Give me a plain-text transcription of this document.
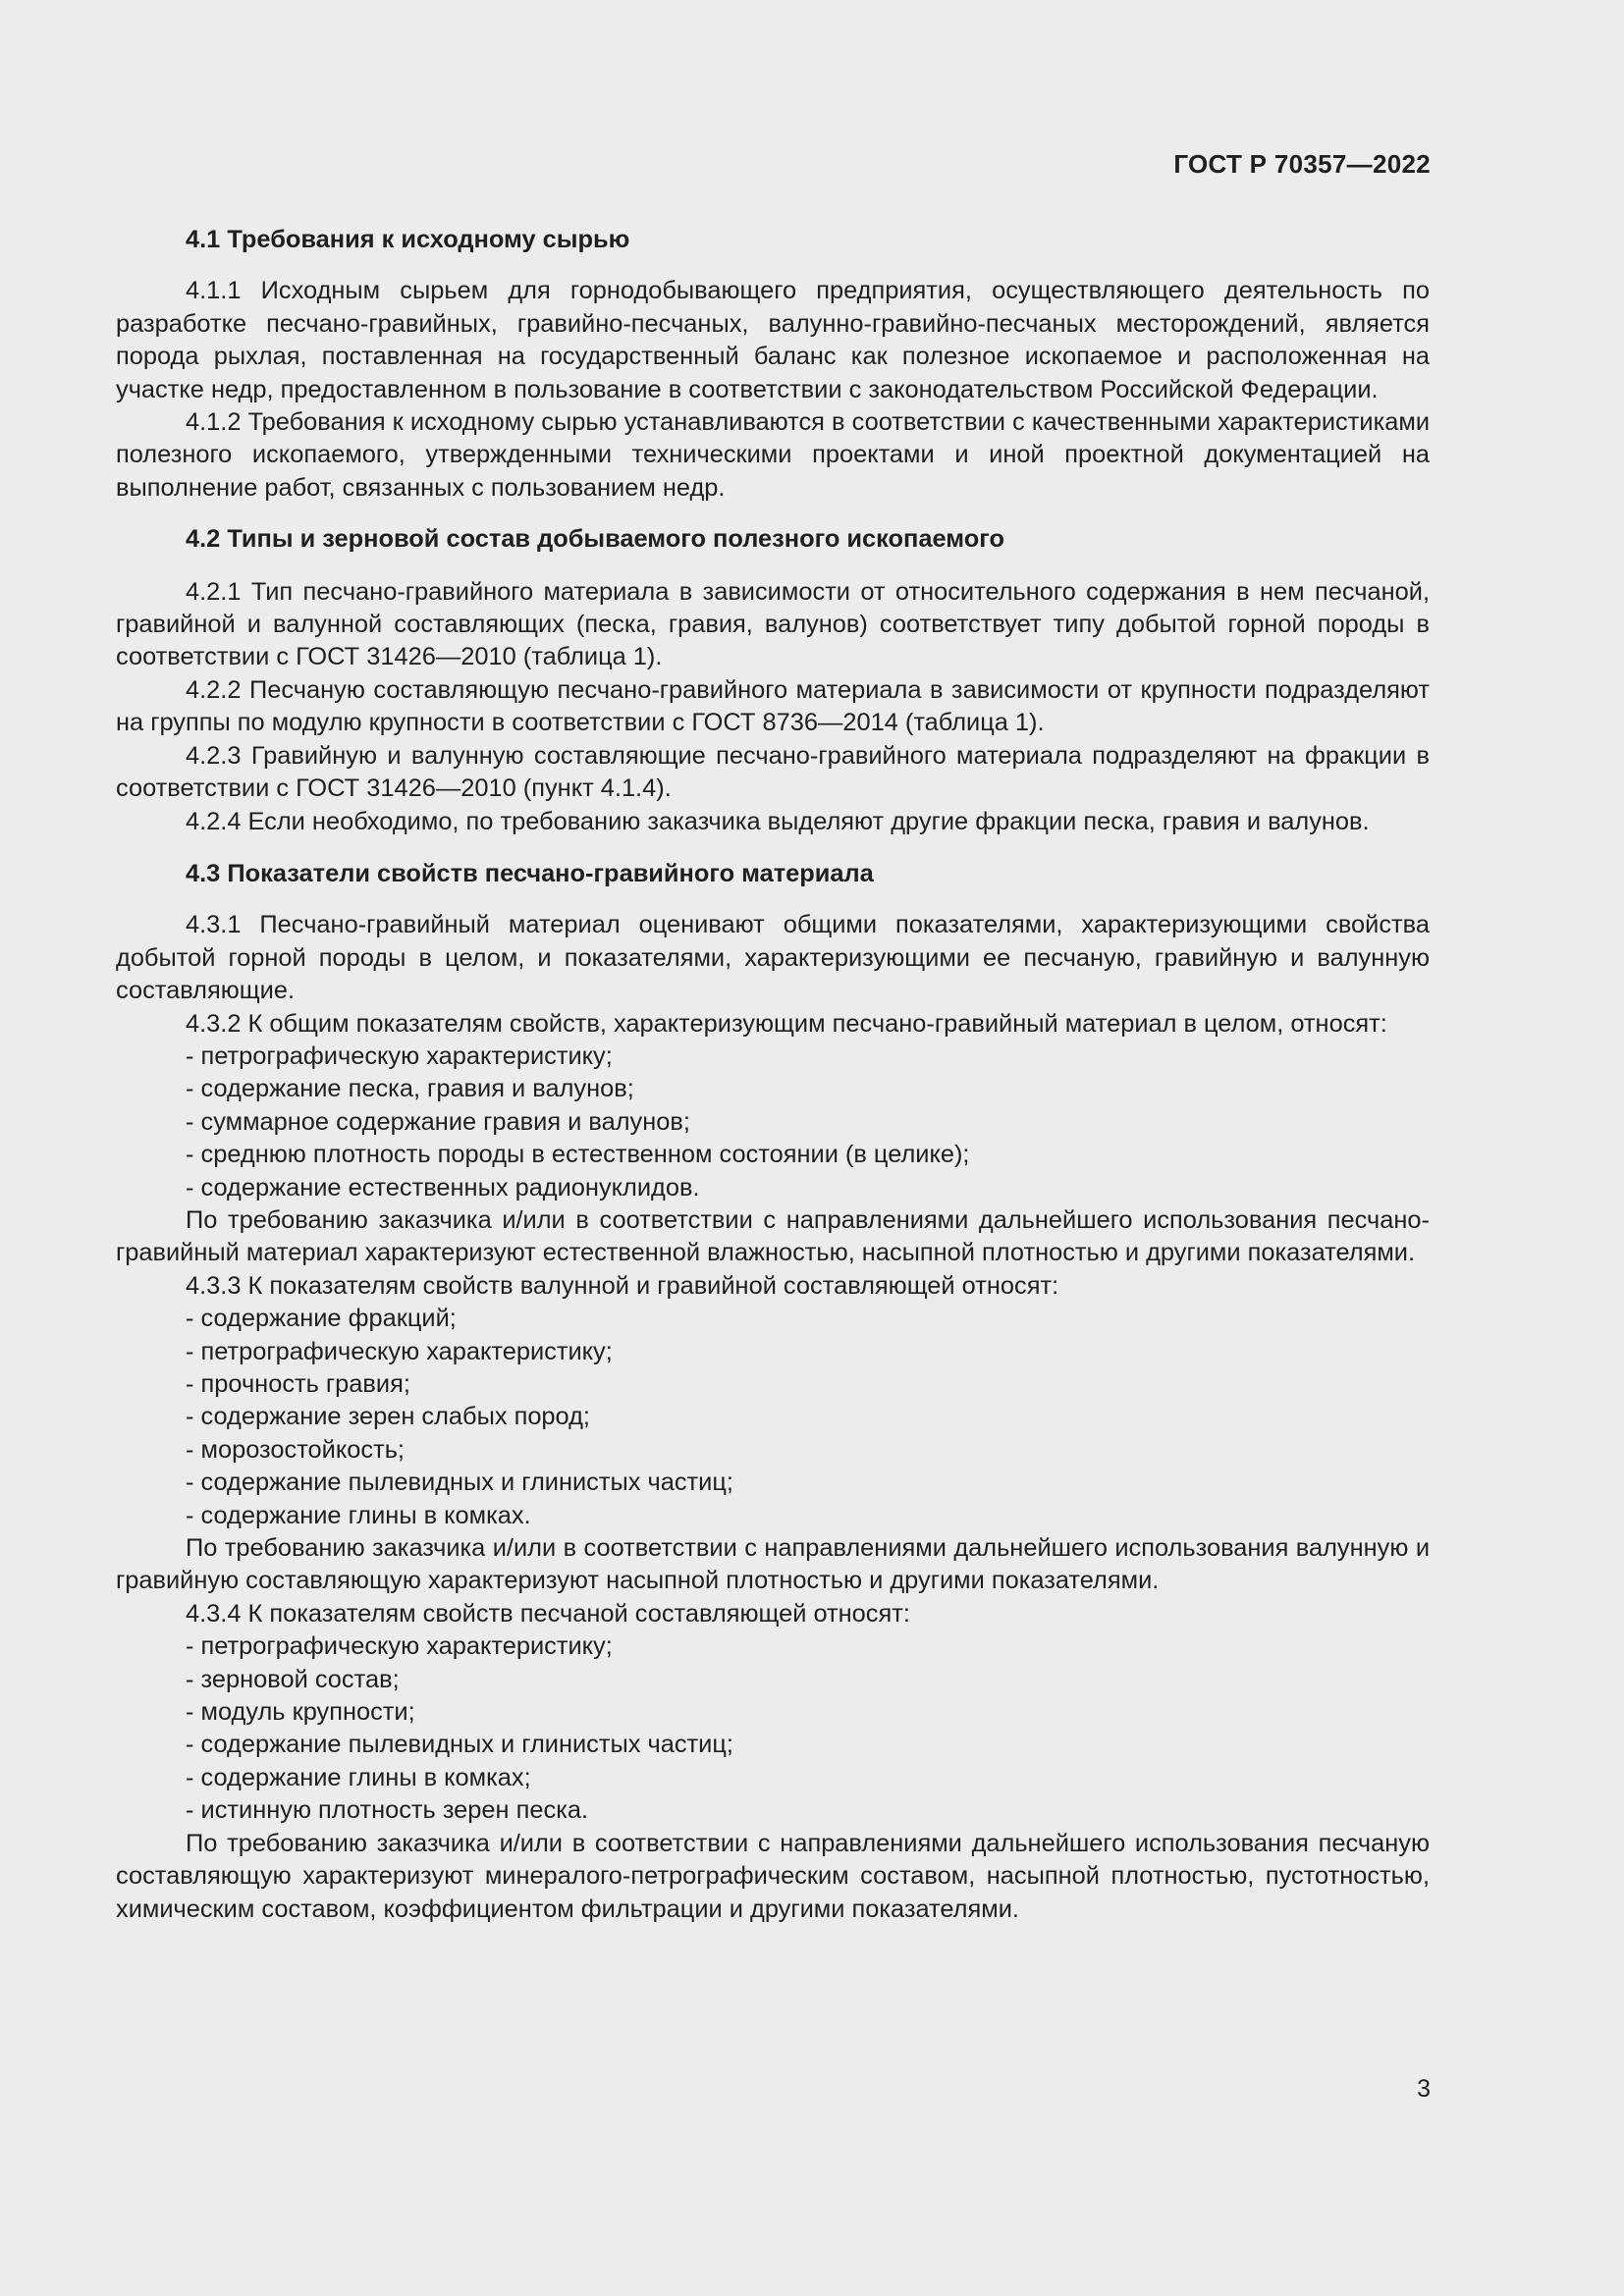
ГОСТ Р 70357—2022

4.1 Требования к исходному сырью

4.1.1 Исходным сырьем для горнодобывающего предприятия, осуществляющего деятельность по разработке песчано-гравийных, гравийно-песчаных, валунно-гравийно-песчаных месторождений, является порода рыхлая, поставленная на государственный баланс как полезное ископаемое и расположенная на участке недр, предоставленном в пользование в соответствии с законодательством Российской Федерации.

4.1.2 Требования к исходному сырью устанавливаются в соответствии с качественными характеристиками полезного ископаемого, утвержденными техническими проектами и иной проектной документацией на выполнение работ, связанных с пользованием недр.

4.2 Типы и зерновой состав добываемого полезного ископаемого

4.2.1 Тип песчано-гравийного материала в зависимости от относительного содержания в нем песчаной, гравийной и валунной составляющих (песка, гравия, валунов) соответствует типу добытой горной породы в соответствии с ГОСТ 31426—2010 (таблица 1).

4.2.2 Песчаную составляющую песчано-гравийного материала в зависимости от крупности подразделяют на группы по модулю крупности в соответствии с ГОСТ 8736—2014 (таблица 1).

4.2.3 Гравийную и валунную составляющие песчано-гравийного материала подразделяют на фракции в соответствии с ГОСТ 31426—2010 (пункт 4.1.4).

4.2.4 Если необходимо, по требованию заказчика выделяют другие фракции песка, гравия и валунов.

4.3 Показатели свойств песчано-гравийного материала

4.3.1 Песчано-гравийный материал оценивают общими показателями, характеризующими свойства добытой горной породы в целом, и показателями, характеризующими ее песчаную, гравийную и валунную составляющие.

4.3.2 К общим показателям свойств, характеризующим песчано-гравийный материал в целом, относят:

- петрографическую характеристику;

- содержание песка, гравия и валунов;

- суммарное содержание гравия и валунов;

- среднюю плотность породы в естественном состоянии (в целике);

- содержание естественных радионуклидов.

По требованию заказчика и/или в соответствии с направлениями дальнейшего использования песчано-гравийный материал характеризуют естественной влажностью, насыпной плотностью и другими показателями.

4.3.3 К показателям свойств валунной и гравийной составляющей относят:

- содержание фракций;

- петрографическую характеристику;

- прочность гравия;

- содержание зерен слабых пород;

- морозостойкость;

- содержание пылевидных и глинистых частиц;

- содержание глины в комках.

По требованию заказчика и/или в соответствии с направлениями дальнейшего использования валунную и гравийную составляющую характеризуют насыпной плотностью и другими показателями.

4.3.4 К показателям свойств песчаной составляющей относят:

- петрографическую характеристику;

- зерновой состав;

- модуль крупности;

- содержание пылевидных и глинистых частиц;

- содержание глины в комках;

- истинную плотность зерен песка.

По требованию заказчика и/или в соответствии с направлениями дальнейшего использования песчаную составляющую характеризуют минералого-петрографическим составом, насыпной плотностью, пустотностью, химическим составом, коэффициентом фильтрации и другими показателями.

3
